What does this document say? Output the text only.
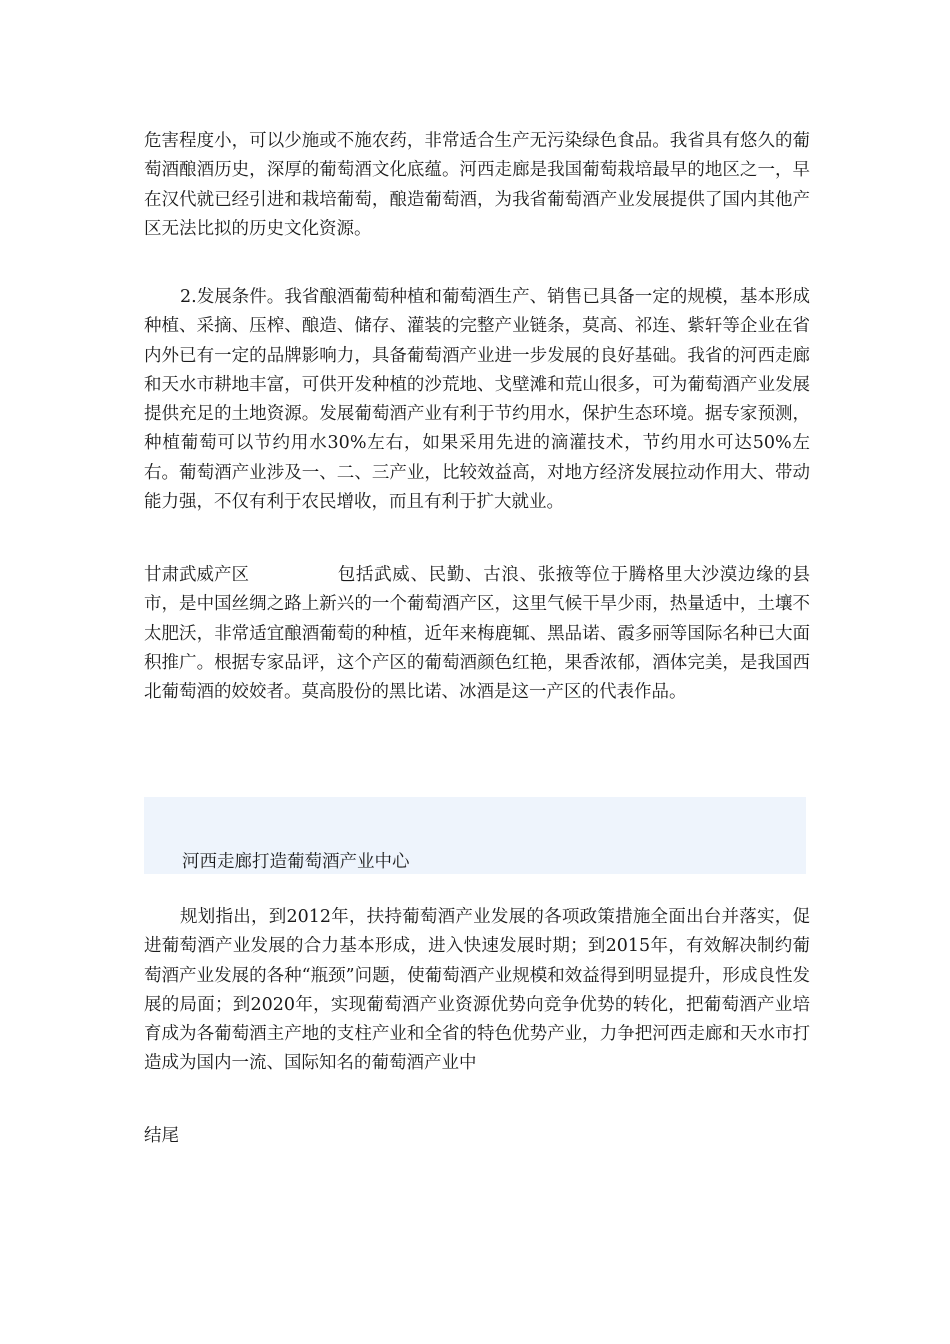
危害程度小，可以少施或不施农药，非常适合生产无污染绿色食品。我省具有悠久的葡萄酒酿酒历史，深厚的葡萄酒文化底蕴。河西走廊是我国葡萄栽培最早的地区之一，早在汉代就已经引进和栽培葡萄，酿造葡萄酒，为我省葡萄酒产业发展提供了国内其他产区无法比拟的历史文化资源。

2.发展条件。我省酿酒葡萄种植和葡萄酒生产、销售已具备一定的规模，基本形成种植、采摘、压榨、酿造、储存、灌装的完整产业链条，莫高、祁连、紫轩等企业在省内外已有一定的品牌影响力，具备葡萄酒产业进一步发展的良好基础。我省的河西走廊和天水市耕地丰富，可供开发种植的沙荒地、戈壁滩和荒山很多，可为葡萄酒产业发展提供充足的土地资源。发展葡萄酒产业有利于节约用水，保护生态环境。据专家预测，种植葡萄可以节约用水30%左右，如果采用先进的滴灌技术，节约用水可达50%左右。葡萄酒产业涉及一、二、三产业，比较效益高，对地方经济发展拉动作用大、带动能力强，不仅有利于农民增收，而且有利于扩大就业。

甘肃武威产区	包括武威、民勤、古浪、张掖等位于腾格里大沙漠边缘的县市，是中国丝绸之路上新兴的一个葡萄酒产区，这里气候干旱少雨，热量适中，土壤不太肥沃，非常适宜酿酒葡萄的种植，近年来梅鹿辄、黑品诺、霞多丽等国际名种已大面积推广。根据专家品评，这个产区的葡萄酒颜色红艳，果香浓郁，酒体完美，是我国西北葡萄酒的姣姣者。莫高股份的黑比诺、冰酒是这一产区的代表作品。

河西走廊打造葡萄酒产业中心

规划指出，到2012年，扶持葡萄酒产业发展的各项政策措施全面出台并落实，促进葡萄酒产业发展的合力基本形成，进入快速发展时期；到2015年，有效解决制约葡萄酒产业发展的各种“瓶颈”问题，使葡萄酒产业规模和效益得到明显提升，形成良性发展的局面；到2020年，实现葡萄酒产业资源优势向竞争优势的转化，把葡萄酒产业培育成为各葡萄酒主产地的支柱产业和全省的特色优势产业，力争把河西走廊和天水市打造成为国内一流、国际知名的葡萄酒产业中

结尾
